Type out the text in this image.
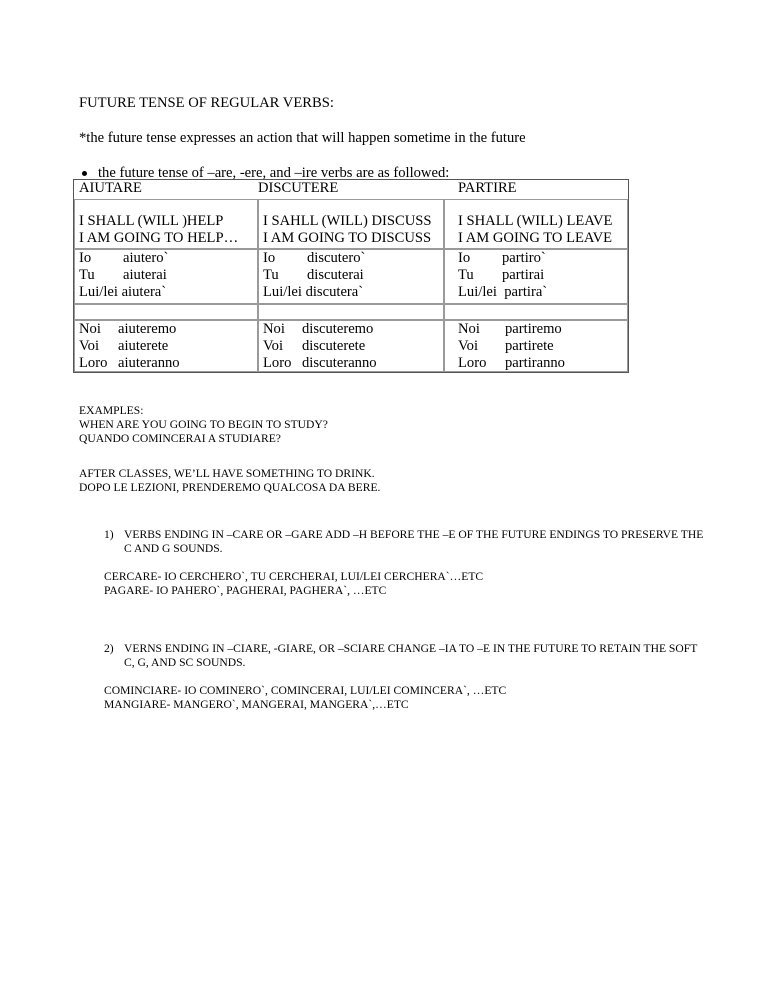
FUTURE TENSE OF REGULAR VERBS:
*the future tense expresses an action that will happen sometime in the future
the future tense of –are, -ere, and –ire verbs are as followed:
AIUTARE
I SHALL (WILL )HELP
I AM GOING TO HELP…
Io aiutero`
Tu aiuterai
Lui/lei aiutera`
Noi aiuteremo
Voi aiuterete
Loro aiuteranno
DISCUTERE
I SAHLL (WILL) DISCUSS
I AM GOING TO DISCUSS
Io discutero`
Tu discuterai
Lui/lei discutera`
Noi discuteremo
Voi discuterete
Loro discuteranno
PARTIRE
I SHALL (WILL) LEAVE
I AM GOING TO LEAVE
Io partiro`
Tu partirai
Lui/lei partira`
Noi partiremo
Voi partirete
Loro partiranno
EXAMPLES:
WHEN ARE YOU GOING TO BEGIN TO STUDY?
QUANDO COMINCERAI A STUDIARE?
AFTER CLASSES, WE’LL HAVE SOMETHING TO DRINK.
DOPO LE LEZIONI, PRENDEREMO QUALCOSA DA BERE.
1) VERBS ENDING IN –CARE OR –GARE ADD –H BEFORE THE –E OF THE FUTURE ENDINGS TO PRESERVE THE
C AND G SOUNDS.
CERCARE- IO CERCHERO`, TU CERCHERAI, LUI/LEI CERCHERA`…ETC
PAGARE- IO PAHERO`, PAGHERAI, PAGHERA`, …ETC
2) VERNS ENDING IN –CIARE, -GIARE, OR –SCIARE CHANGE –IA TO –E IN THE FUTURE TO RETAIN THE SOFT
C, G, AND SC SOUNDS.
COMINCIARE- IO COMINERO`, COMINCERAI, LUI/LEI COMINCERA`, …ETC
MANGIARE- MANGERO`, MANGERAI, MANGERA`,…ETC
